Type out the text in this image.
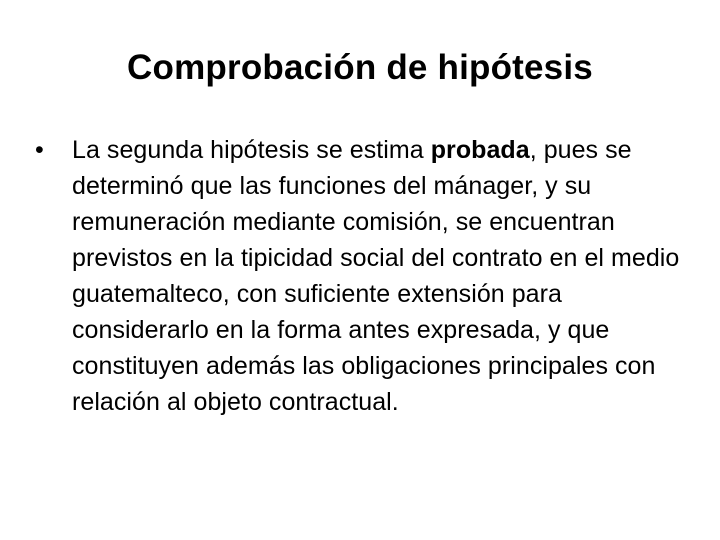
Comprobación de hipótesis
•	La segunda hipótesis se estima probada, pues se determinó que las funciones del mánager, y su remuneración mediante comisión, se encuentran previstos en la tipicidad social del contrato en el medio guatemalteco, con suficiente extensión para considerarlo en la forma antes expresada, y que constituyen además las obligaciones principales con relación al objeto contractual.
